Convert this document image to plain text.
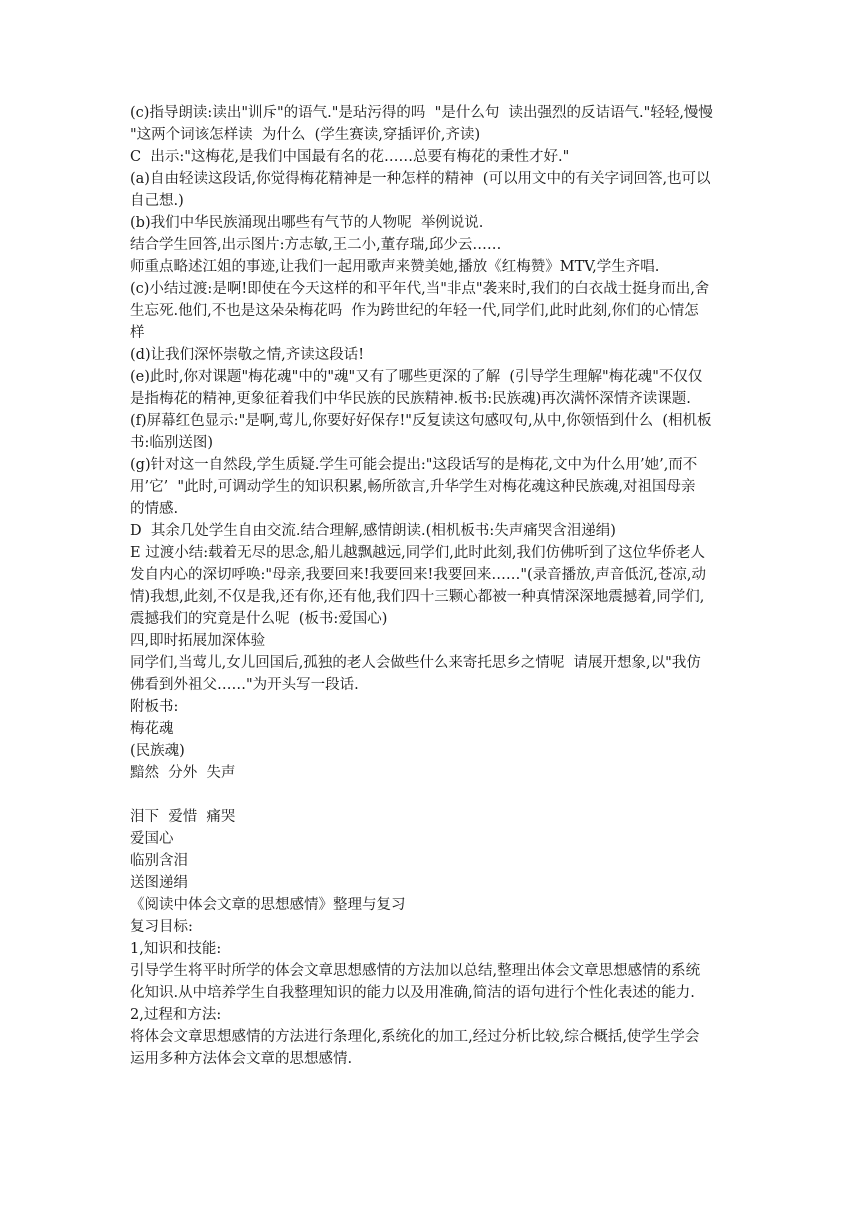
(c)指导朗读:读出"训斥"的语气."是玷污得的吗  "是什么句  读出强烈的反诘语气."轻轻,慢慢
"这两个词该怎样读  为什么  (学生赛读,穿插评价,齐读)
C  出示:"这梅花,是我们中国最有名的花……总要有梅花的秉性才好."
(a)自由轻读这段话,你觉得梅花精神是一种怎样的精神  (可以用文中的有关字词回答,也可以
自己想.)
(b)我们中华民族涌现出哪些有气节的人物呢  举例说说.
结合学生回答,出示图片:方志敏,王二小,董存瑞,邱少云……
师重点略述江姐的事迹,让我们一起用歌声来赞美她,播放《红梅赞》MTV,学生齐唱.
(c)小结过渡:是啊!即使在今天这样的和平年代,当"非点"袭来时,我们的白衣战士挺身而出,舍
生忘死.他们,不也是这朵朵梅花吗  作为跨世纪的年轻一代,同学们,此时此刻,你们的心情怎
样
(d)让我们深怀崇敬之情,齐读这段话!
(e)此时,你对课题"梅花魂"中的"魂"又有了哪些更深的了解  (引导学生理解"梅花魂"不仅仅
是指梅花的精神,更象征着我们中华民族的民族精神.板书:民族魂)再次满怀深情齐读课题.
(f)屏幕红色显示:"是啊,莺儿,你要好好保存!"反复读这句感叹句,从中,你领悟到什么  (相机板
书:临别送图)
(g)针对这一自然段,学生质疑.学生可能会提出:"这段话写的是梅花,文中为什么用’她’,而不
用’它’  "此时,可调动学生的知识积累,畅所欲言,升华学生对梅花魂这种民族魂,对祖国母亲
的情感.
D  其余几处学生自由交流.结合理解,感情朗读.(相机板书:失声痛哭含泪递绢)
E 过渡小结:载着无尽的思念,船儿越飘越远,同学们,此时此刻,我们仿佛听到了这位华侨老人
发自内心的深切呼唤:"母亲,我要回来!我要回来!我要回来……"(录音播放,声音低沉,苍凉,动
情)我想,此刻,不仅是我,还有你,还有他,我们四十三颗心都被一种真情深深地震撼着,同学们,
震撼我们的究竟是什么呢  (板书:爱国心)
四,即时拓展加深体验
同学们,当莺儿,女儿回国后,孤独的老人会做些什么来寄托思乡之情呢  请展开想象,以"我仿
佛看到外祖父……"为开头写一段话.
附板书:
梅花魂
(民族魂)
黯然  分外  失声
泪下  爱惜  痛哭
爱国心
临别含泪
送图递绢
《阅读中体会文章的思想感情》整理与复习
复习目标:
1,知识和技能:
引导学生将平时所学的体会文章思想感情的方法加以总结,整理出体会文章思想感情的系统
化知识.从中培养学生自我整理知识的能力以及用准确,简洁的语句进行个性化表述的能力.
2,过程和方法:
将体会文章思想感情的方法进行条理化,系统化的加工,经过分析比较,综合概括,使学生学会
运用多种方法体会文章的思想感情.
